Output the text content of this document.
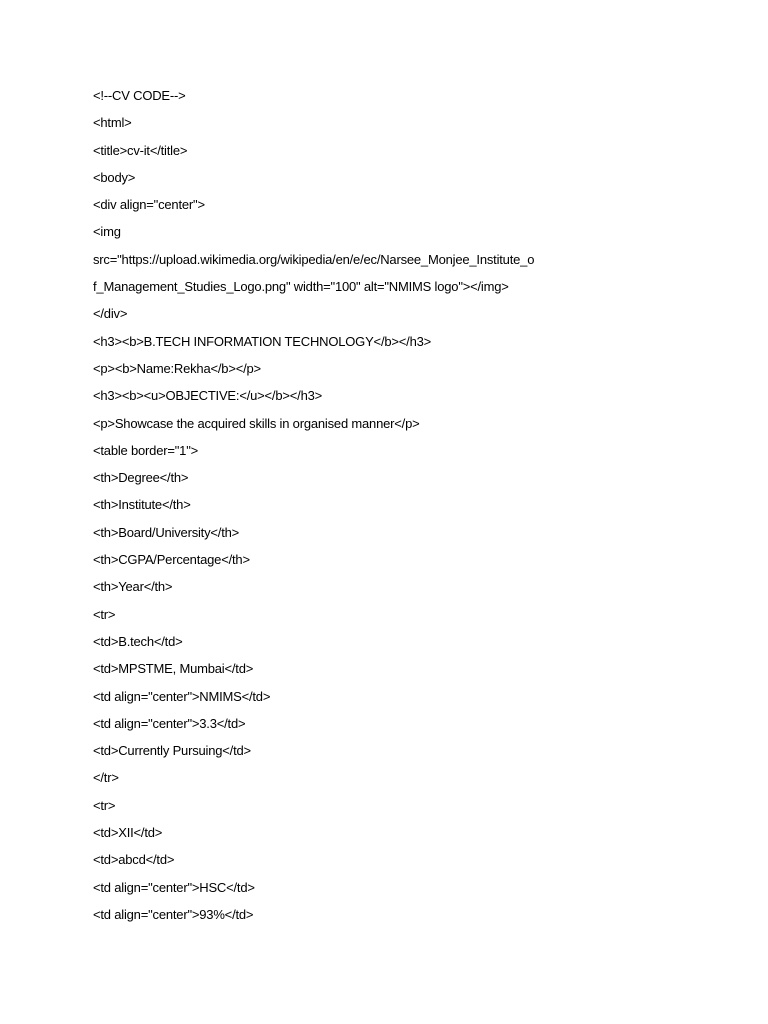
<!--CV CODE-->
<html>
<title>cv-it</title>
<body>
<div align="center">
<img
src="https://upload.wikimedia.org/wikipedia/en/e/ec/Narsee_Monjee_Institute_o
f_Management_Studies_Logo.png" width="100" alt="NMIMS logo"></img>
</div>
<h3><b>B.TECH INFORMATION TECHNOLOGY</b></h3>
<p><b>Name:Rekha</b></p>
<h3><b><u>OBJECTIVE:</u></b></h3>
<p>Showcase the acquired skills in organised manner</p>
<table border="1">
<th>Degree</th>
<th>Institute</th>
<th>Board/University</th>
<th>CGPA/Percentage</th>
<th>Year</th>
<tr>
<td>B.tech</td>
<td>MPSTME, Mumbai</td>
<td align="center">NMIMS</td>
<td align="center">3.3</td>
<td>Currently Pursuing</td>
</tr>
<tr>
<td>XII</td>
<td>abcd</td>
<td align="center">HSC</td>
<td align="center">93%</td>
